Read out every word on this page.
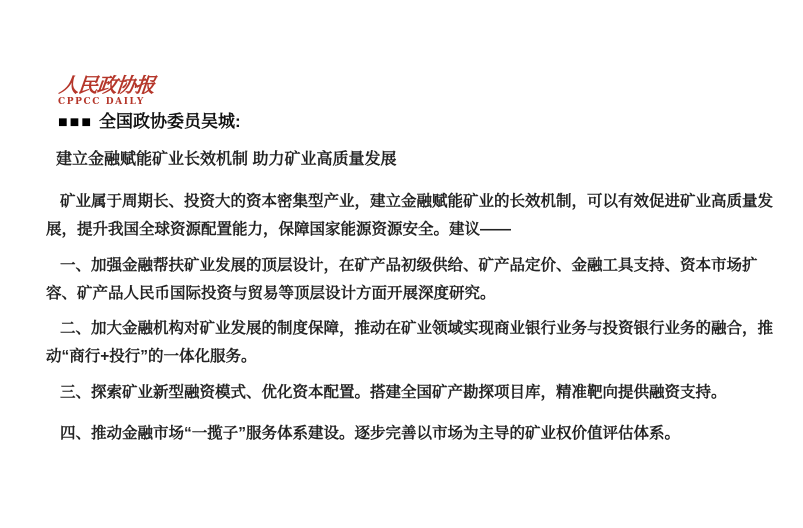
人民政协报
CPPCC DAILY
■■■ 全国政协委员吴城:
建立金融赋能矿业长效机制 助力矿业高质量发展

矿业属于周期长、投资大的资本密集型产业，建立金融赋能矿业的长效机制，可以有效促进矿业高质量发展，提升我国全球资源配置能力，保障国家能源资源安全。建议——

一、加强金融帮扶矿业发展的顶层设计，在矿产品初级供给、矿产品定价、金融工具支持、资本市场扩容、矿产品人民币国际投资与贸易等顶层设计方面开展深度研究。

二、加大金融机构对矿业发展的制度保障，推动在矿业领域实现商业银行业务与投资银行业务的融合，推动“商行+投行”的一体化服务。

三、探索矿业新型融资模式、优化资本配置。搭建全国矿产勘探项目库，精准靶向提供融资支持。

四、推动金融市场“一揽子”服务体系建设。逐步完善以市场为主导的矿业权价值评估体系。
